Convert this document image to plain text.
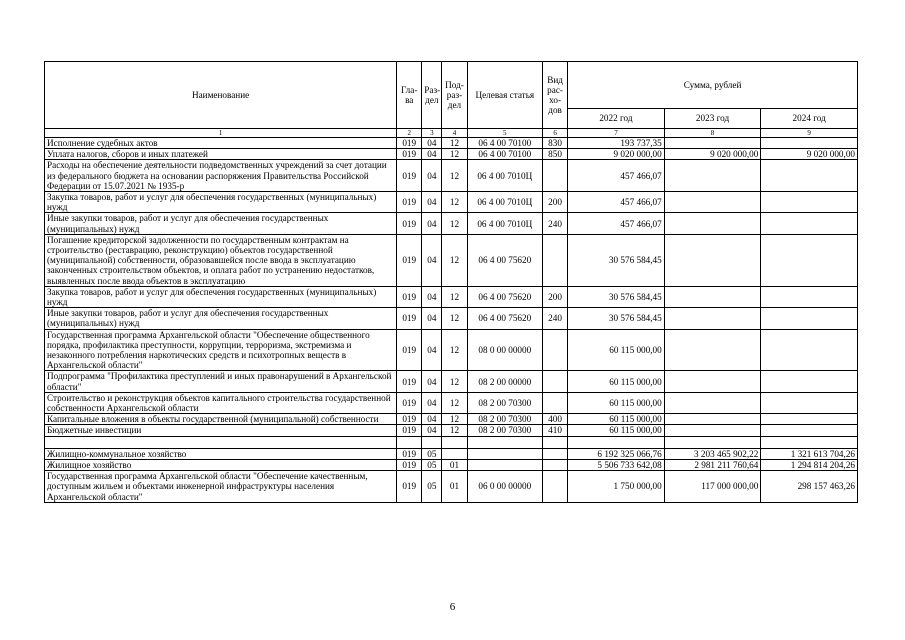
Наименование	Гла-ва	Раз-дел	Под-раз-дел	Целевая статья	Вид рас-хо-дов	Сумма, рублей		
						2022 год	2023 год	2024 год
1	2	3	4	5	6	7	8	9
Исполнение судебных актов	019	04	12	06 4 00 70100	830	193 737,35		
Уплата налогов, сборов и иных платежей	019	04	12	06 4 00 70100	850	9 020 000,00	9 020 000,00	9 020 000,00
Расходы на обеспечение деятельности подведомственных учреждений за счет дотации из федерального бюджета на основании распоряжения Правительства Российской Федерации от 15.07.2021 № 1935-р	019	04	12	06 4 00 7010Ц		457 466,07		
Закупка товаров, работ и услуг для обеспечения государственных (муниципальных) нужд	019	04	12	06 4 00 7010Ц	200	457 466,07		
Иные закупки товаров, работ и услуг для обеспечения государственных (муниципальных) нужд	019	04	12	06 4 00 7010Ц	240	457 466,07		
Погашение кредиторской задолженности по государственным контрактам на строительство (реставрацию, реконструкцию) объектов государственной (муниципальной) собственности, образовавшейся после ввода в эксплуатацию законченных строительством объектов, и оплата работ по устранению недостатков, выявленных после ввода объектов в эксплуатацию	019	04	12	06 4 00 75620		30 576 584,45		
Закупка товаров, работ и услуг для обеспечения государственных (муниципальных) нужд	019	04	12	06 4 00 75620	200	30 576 584,45		
Иные закупки товаров, работ и услуг для обеспечения государственных (муниципальных) нужд	019	04	12	06 4 00 75620	240	30 576 584,45		
Государственная программа Архангельской области "Обеспечение общественного порядка, профилактика преступности, коррупции, терроризма, экстремизма и незаконного потребления наркотических средств и психотропных веществ в Архангельской области"	019	04	12	08 0 00 00000		60 115 000,00		
Подпрограмма "Профилактика преступлений и иных правонарушений в Архангельской области"	019	04	12	08 2 00 00000		60 115 000,00		
Строительство и реконструкция объектов капитального строительства государственной собственности Архангельской области	019	04	12	08 2 00 70300		60 115 000,00		
Капитальные вложения в объекты государственной (муниципальной) собственности	019	04	12	08 2 00 70300	400	60 115 000,00		
Бюджетные инвестиции	019	04	12	08 2 00 70300	410	60 115 000,00		

Жилищно-коммунальное хозяйство	019	05				6 192 325 066,76	3 203 465 902,22	1 321 613 704,26
Жилищное хозяйство	019	05	01			5 506 733 642,08	2 981 211 760,64	1 294 814 204,26
Государственная программа Архангельской области "Обеспечение качественным, доступным жильем и объектами инженерной инфраструктуры населения Архангельской области"	019	05	01	06 0 00 00000		1 750 000,00	117 000 000,00	298 157 463,26
6
